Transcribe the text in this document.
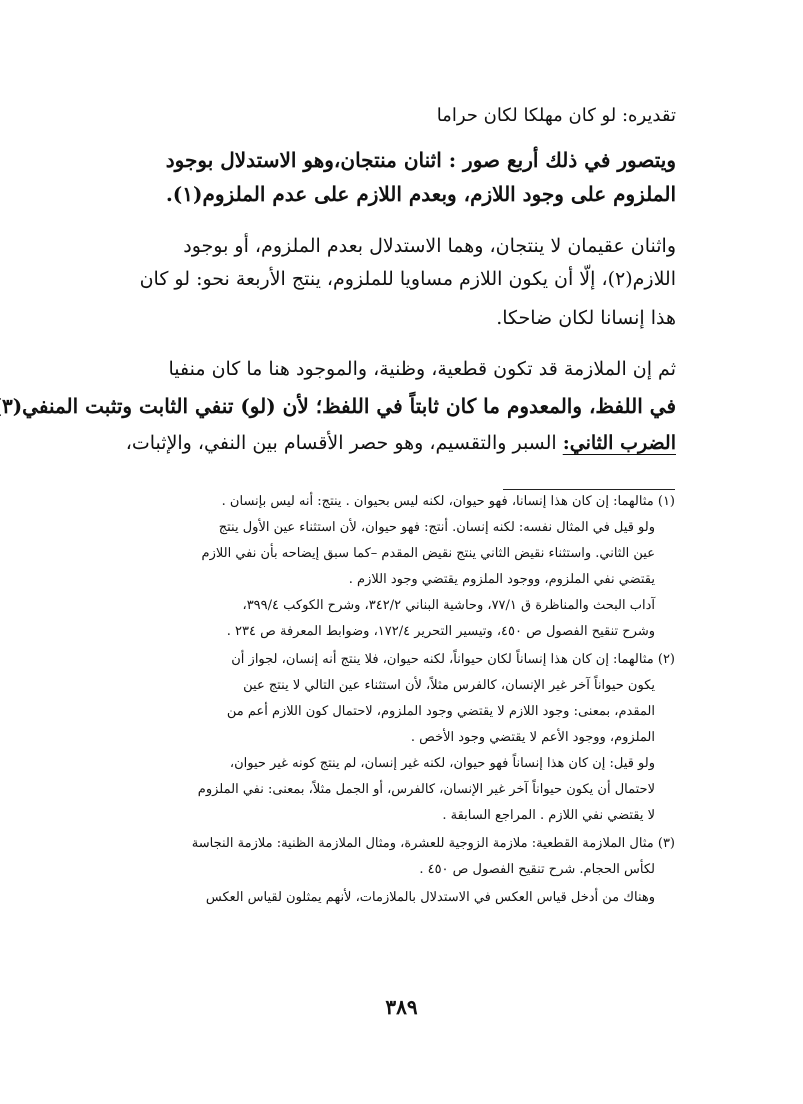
تقديره: لو كان مهلكا لكان حراما
ويتصور في ذلك أربع صور : اثنان منتجان،وهو الاستدلال بوجود
الملزوم على وجود اللازم، وبعدم اللازم على عدم الملزوم(١).
واثنان عقيمان لا ينتجان، وهما الاستدلال بعدم الملزوم، أو بوجود
اللازم(٢)، إلّا أن يكون اللازم مساويا للملزوم، ينتج الأربعة نحو: لو كان
هذا إنسانا لكان ضاحكا.
ثم إن الملازمة قد تكون قطعية، وظنية، والموجود هنا ما كان منفيا
في اللفظ، والمعدوم ما كان ثابتاً في اللفظ؛ لأن (لو) تنفي الثابت وتثبت المنفي(٣
الضرب الثاني: السبر والتقسيم، وهو حصر الأقسام بين النفي، والإثبات،
(١) مثالهما: إن كان هذا إنسانا، فهو حيوان، لكنه ليس بحيوان . ينتج: أنه ليس بإنسان .
ولو قيل في المثال نفسه: لكنه إنسان. أنتج: فهو حيوان، لأن استثناء عين الأول ينتج
عين الثاني. واستثناء نقيض الثاني ينتج نقيض المقدم –كما سبق إيضاحه بأن نفي اللازم
يقتضي نفي الملزوم، ووجود الملزوم يقتضي وجود اللازم .
آداب البحث والمناظرة ق ٧٧/١، وحاشية البناني ٣٤٢/٢، وشرح الكوكب ٣٩٩/٤،
وشرح تنقيح الفصول ص ٤٥٠، وتيسير التحرير ١٧٢/٤، وضوابط المعرفة ص ٢٣٤ .
(٢) مثالهما: إن كان هذا إنساناً لكان حيواناً، لكنه حيوان، فلا ينتج أنه إنسان، لجواز أن
يكون حيواناً آخر غير الإنسان، كالفرس مثلاً، لأن استثناء عين التالي لا ينتج عين
المقدم، بمعنى: وجود اللازم لا يقتضي وجود الملزوم، لاحتمال كون اللازم أعم من
الملزوم، ووجود الأعم لا يقتضي وجود الأخص .
ولو قيل: إن كان هذا إنساناً فهو حيوان، لكنه غير إنسان، لم ينتج كونه غير حيوان،
لاحتمال أن يكون حيواناً آخر غير الإنسان، كالفرس، أو الجمل مثلاً، بمعنى: نفي الملزوم
لا يقتضي نفي اللازم . المراجع السابقة .
(٣) مثال الملازمة القطعية: ملازمة الزوجية للعشرة، ومثال الملازمة الظنية: ملازمة النجاسة
لكأس الحجام. شرح تنقيح الفصول ص ٤٥٠ .
وهناك من أدخل قياس العكس في الاستدلال بالملازمات، لأنهم يمثلون لقياس العكس
٣٨٩
